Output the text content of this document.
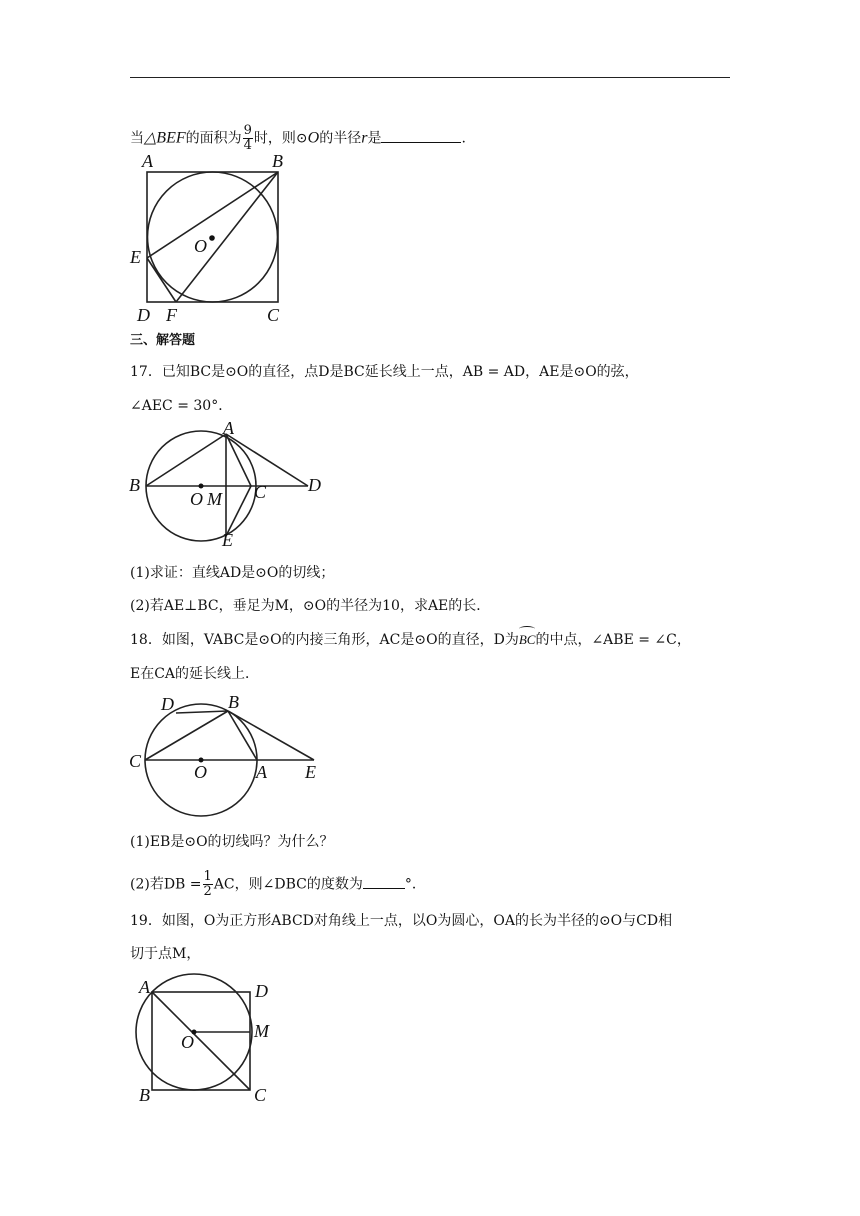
当△BEF的面积为 $\frac{9}{4}$ 时，则⊙O的半径r是	.
A	B
E
O
D F	C
三、解答题
17．已知BC是⊙O的直径，点D是BC延长线上一点，AB = AD，AE是⊙O的弦，
∠AEC = 30°．
A
B
O M C D
E
(1)求证：直线AD是⊙O的切线；
(2)若AE⊥BC，垂足为M，⊙O的半径为10，求AE的长．
18．如图，VABC是⊙O的内接三角形，AC是⊙O的直径，D为BC的中点，∠ABE = ∠C，
E在CA的延长线上．
D	B
C
O	A E
(1)EB是⊙O的切线吗？为什么？
(2)若DB = $\frac{1}{2}$ AC，则∠DBC的度数为	°．
19．如图，O为正方形ABCD对角线上一点，以O为圆心，OA的长为半径的⊙O与CD相
切于点M，
A	D
M
O
B	C
